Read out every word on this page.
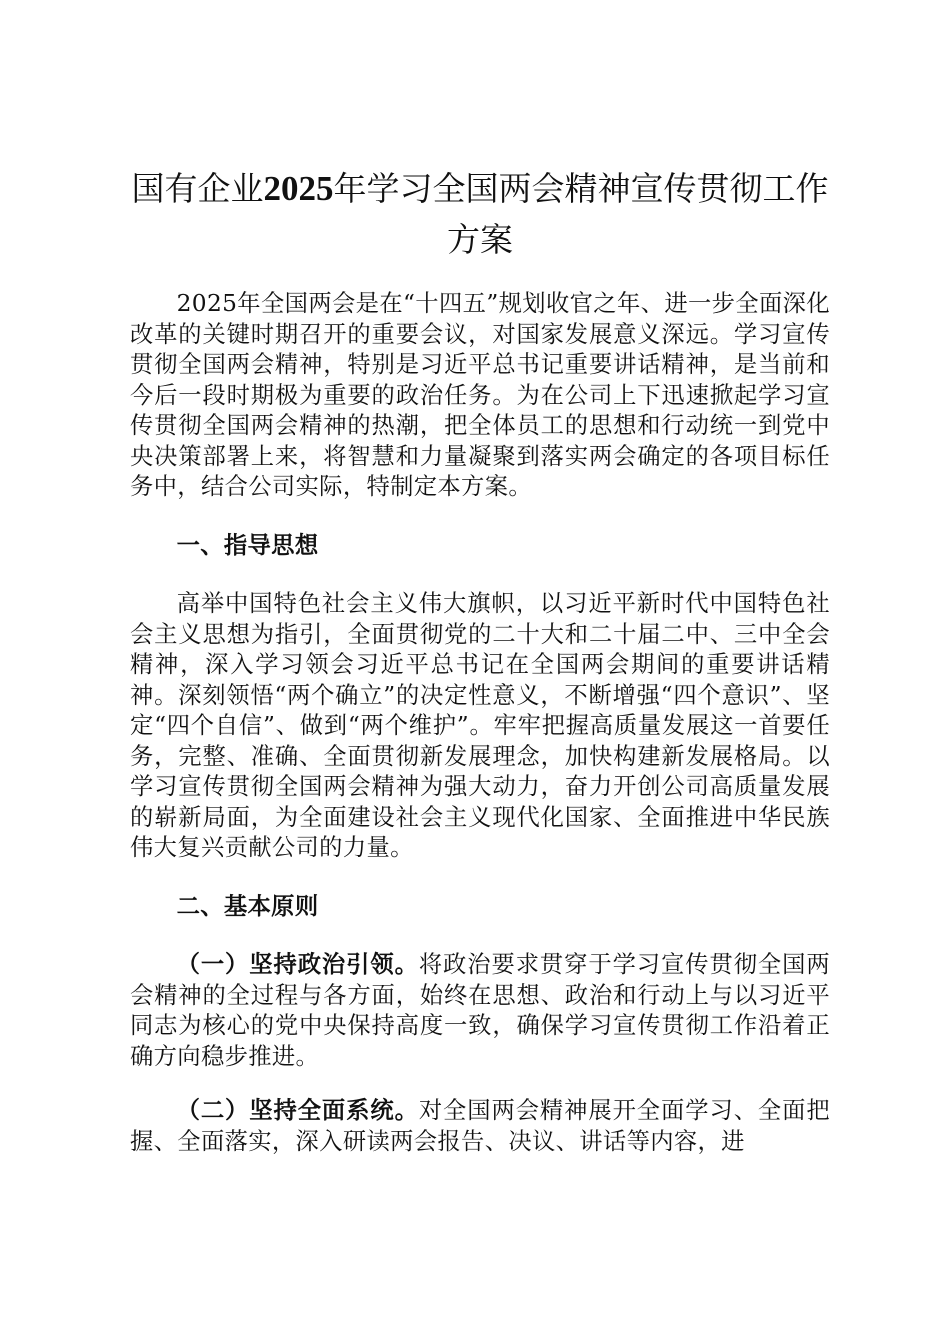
国有企业2025年学习全国两会精神宣传贯彻工作方案

2025年全国两会是在“十四五”规划收官之年、进一步全面深化改革的关键时期召开的重要会议，对国家发展意义深远。学习宣传贯彻全国两会精神，特别是习近平总书记重要讲话精神，是当前和今后一段时期极为重要的政治任务。为在公司上下迅速掀起学习宣传贯彻全国两会精神的热潮，把全体员工的思想和行动统一到党中央决策部署上来，将智慧和力量凝聚到落实两会确定的各项目标任务中，结合公司实际，特制定本方案。

一、指导思想

高举中国特色社会主义伟大旗帜，以习近平新时代中国特色社会主义思想为指引，全面贯彻党的二十大和二十届二中、三中全会精神，深入学习领会习近平总书记在全国两会期间的重要讲话精神。深刻领悟“两个确立”的决定性意义，不断增强“四个意识”、坚定“四个自信”、做到“两个维护”。牢牢把握高质量发展这一首要任务，完整、准确、全面贯彻新发展理念，加快构建新发展格局。以学习宣传贯彻全国两会精神为强大动力，奋力开创公司高质量发展的崭新局面，为全面建设社会主义现代化国家、全面推进中华民族伟大复兴贡献公司的力量。

二、基本原则

（一）坚持政治引领。将政治要求贯穿于学习宣传贯彻全国两会精神的全过程与各方面，始终在思想、政治和行动上与以习近平同志为核心的党中央保持高度一致，确保学习宣传贯彻工作沿着正确方向稳步推进。

（二）坚持全面系统。对全国两会精神展开全面学习、全面把握、全面落实，深入研读两会报告、决议、讲话等内容，进
